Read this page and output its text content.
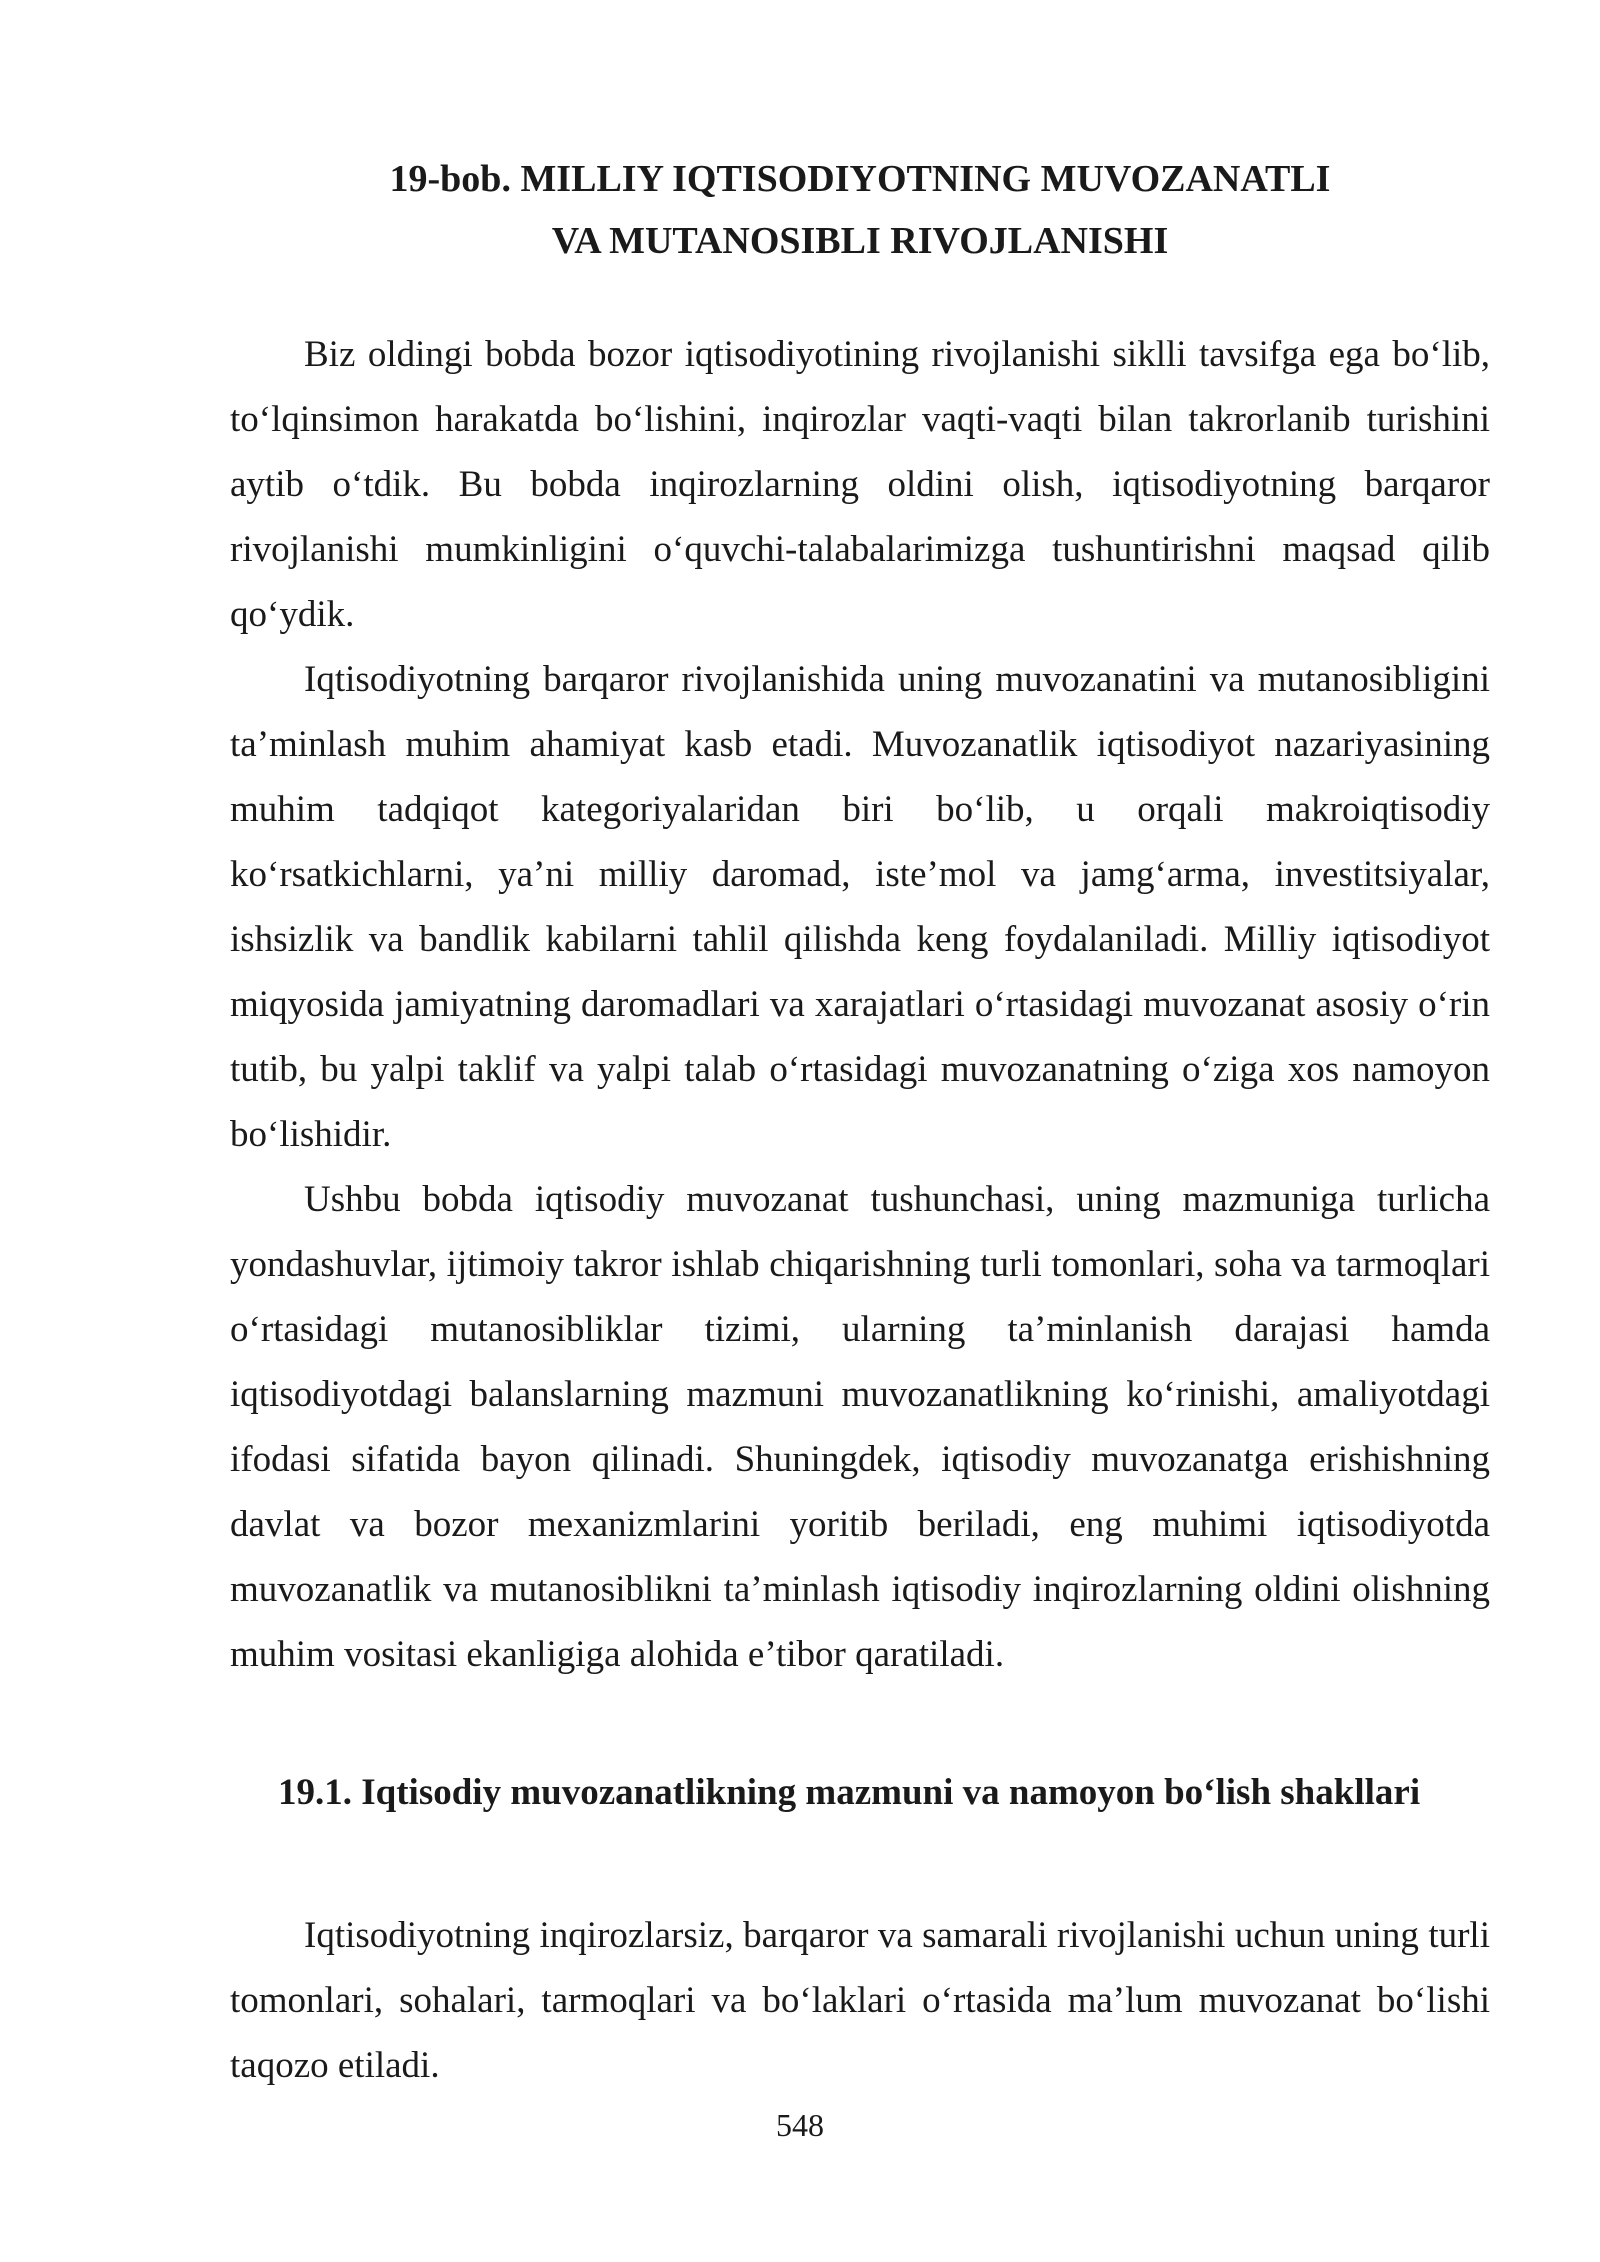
19-bob. MILLIY IQTISODIYOTNING MUVOZANATLI
VA MUTANOSIBLI RIVOJLANISHI

Biz oldingi bobda bozor iqtisodiyotining rivojlanishi siklli tavsifga ega bo‘lib, to‘lqinsimon harakatda bo‘lishini, inqirozlar vaqti-vaqti bilan takrorlanib turishini aytib o‘tdik. Bu bobda inqirozlarning oldini olish, iqtisodiyotning barqaror rivojlanishi mumkinligini o‘quvchi-talabalarimizga tushuntirishni maqsad qilib qo‘ydik.

Iqtisodiyotning barqaror rivojlanishida uning muvozanatini va mutanosibligini ta’minlash muhim ahamiyat kasb etadi. Muvozanatlik iqtisodiyot nazariyasining muhim tadqiqot kategoriyalaridan biri bo‘lib, u orqali makroiqtisodiy ko‘rsatkichlarni, ya’ni milliy daromad, iste’mol va jamg‘arma, investitsiyalar, ishsizlik va bandlik kabilarni tahlil qilishda keng foydalaniladi. Milliy iqtisodiyot miqyosida jamiyatning daromadlari va xarajatlari o‘rtasidagi muvozanat asosiy o‘rin tutib, bu yalpi taklif va yalpi talab o‘rtasidagi muvozanatning o‘ziga xos namoyon bo‘lishidir.

Ushbu bobda iqtisodiy muvozanat tushunchasi, uning mazmuniga turlicha yondashuvlar, ijtimoiy takror ishlab chiqarishning turli tomonlari, soha va tarmoqlari o‘rtasidagi mutanosibliklar tizimi, ularning ta’minlanish darajasi hamda iqtisodiyotdagi balanslarning mazmuni muvozanatlikning ko‘rinishi, amaliyotdagi ifodasi sifatida bayon qilinadi. Shuningdek, iqtisodiy muvozanatga erishishning davlat va bozor mexanizmlarini yoritib beriladi, eng muhimi iqtisodiyotda muvozanatlik va mutanosiblikni ta’minlash iqtisodiy inqirozlarning oldini olishning muhim vositasi ekanligiga alohida e’tibor qaratiladi.

19.1. Iqtisodiy muvozanatlikning mazmuni va namoyon bo‘lish shakllari

Iqtisodiyotning inqirozlarsiz, barqaror va samarali rivojlanishi uchun uning turli tomonlari, sohalari, tarmoqlari va bo‘laklari o‘rtasida ma’lum muvozanat bo‘lishi taqozo etiladi.

548
